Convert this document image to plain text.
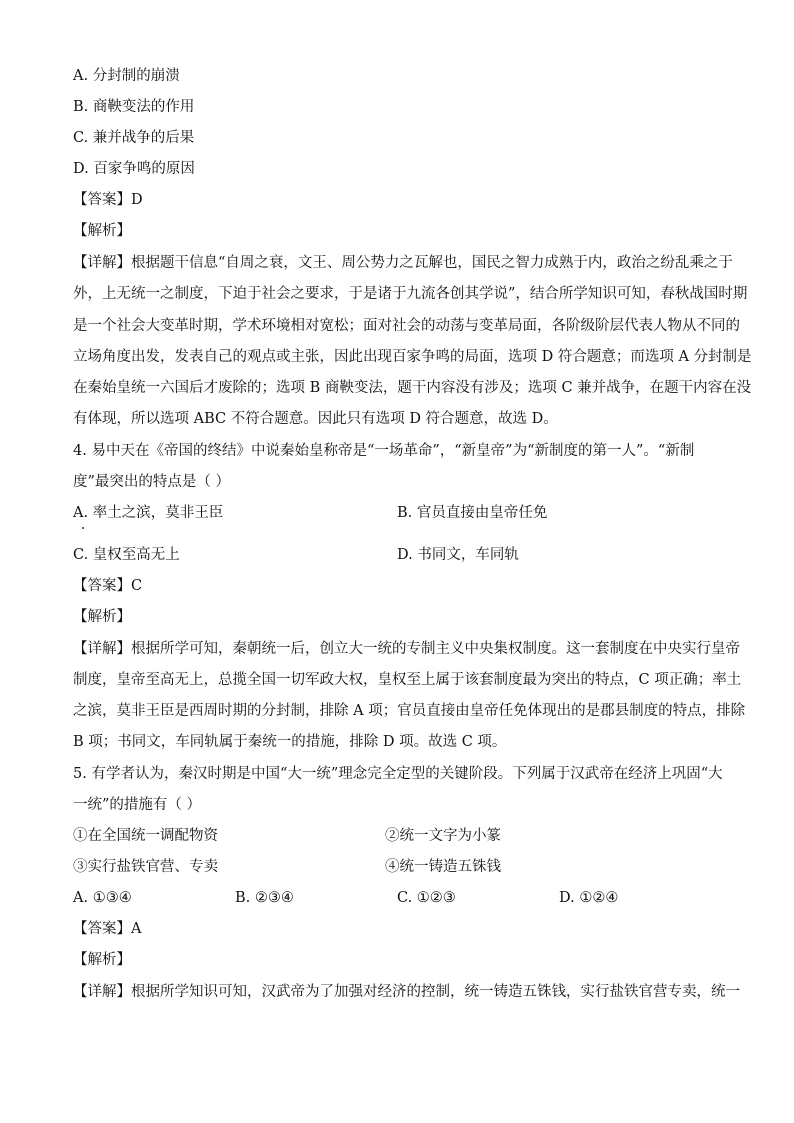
A. 分封制的崩溃
B. 商鞅变法的作用
C. 兼并战争的后果
D. 百家争鸣的原因
【答案】D
【解析】
【详解】根据题干信息“自周之衰，文王、周公势力之瓦解也，国民之智力成熟于内，政治之纷乱乘之于
外，上无统一之制度，下迫于社会之要求，于是诸于九流各创其学说”，结合所学知识可知，春秋战国时期
是一个社会大变革时期，学术环境相对宽松；面对社会的动荡与变革局面，各阶级阶层代表人物从不同的
立场角度出发，发表自己的观点或主张，因此出现百家争鸣的局面，选项 D 符合题意；而选项 A 分封制是
在秦始皇统一六国后才废除的；选项 B 商鞅变法，题干内容没有涉及；选项 C 兼并战争，在题干内容在没
有体现，所以选项 ABC 不符合题意。因此只有选项 D 符合题意，故选 D。
4. 易中天在《帝国的终结》中说秦始皇称帝是“一场革命”，“新皇帝”为“新制度的第一人”。“新制
度”最突出的特点是（ ）
A. 率土之滨，莫非王臣	B. 官员直接由皇帝任免
C. 皇权至高无上	D. 书同文，车同轨
【答案】C
【解析】
【详解】根据所学可知，秦朝统一后，创立大一统的专制主义中央集权制度。这一套制度在中央实行皇帝
制度，皇帝至高无上，总揽全国一切军政大权，皇权至上属于该套制度最为突出的特点，C 项正确；率土
之滨，莫非王臣是西周时期的分封制，排除 A 项；官员直接由皇帝任免体现出的是郡县制度的特点，排除
B 项；书同文，车同轨属于秦统一的措施，排除 D 项。故选 C 项。
5. 有学者认为，秦汉时期是中国“大一统”理念完全定型的关键阶段。下列属于汉武帝在经济上巩固“大
一统”的措施有（ ）
①在全国统一调配物资	②统一文字为小篆
③实行盐铁官营、专卖	④统一铸造五铢钱
A. ①③④	B. ②③④	C. ①②③	D. ①②④
【答案】A
【解析】
【详解】根据所学知识可知，汉武帝为了加强对经济的控制，统一铸造五铢钱，实行盐铁官营专卖，统一
